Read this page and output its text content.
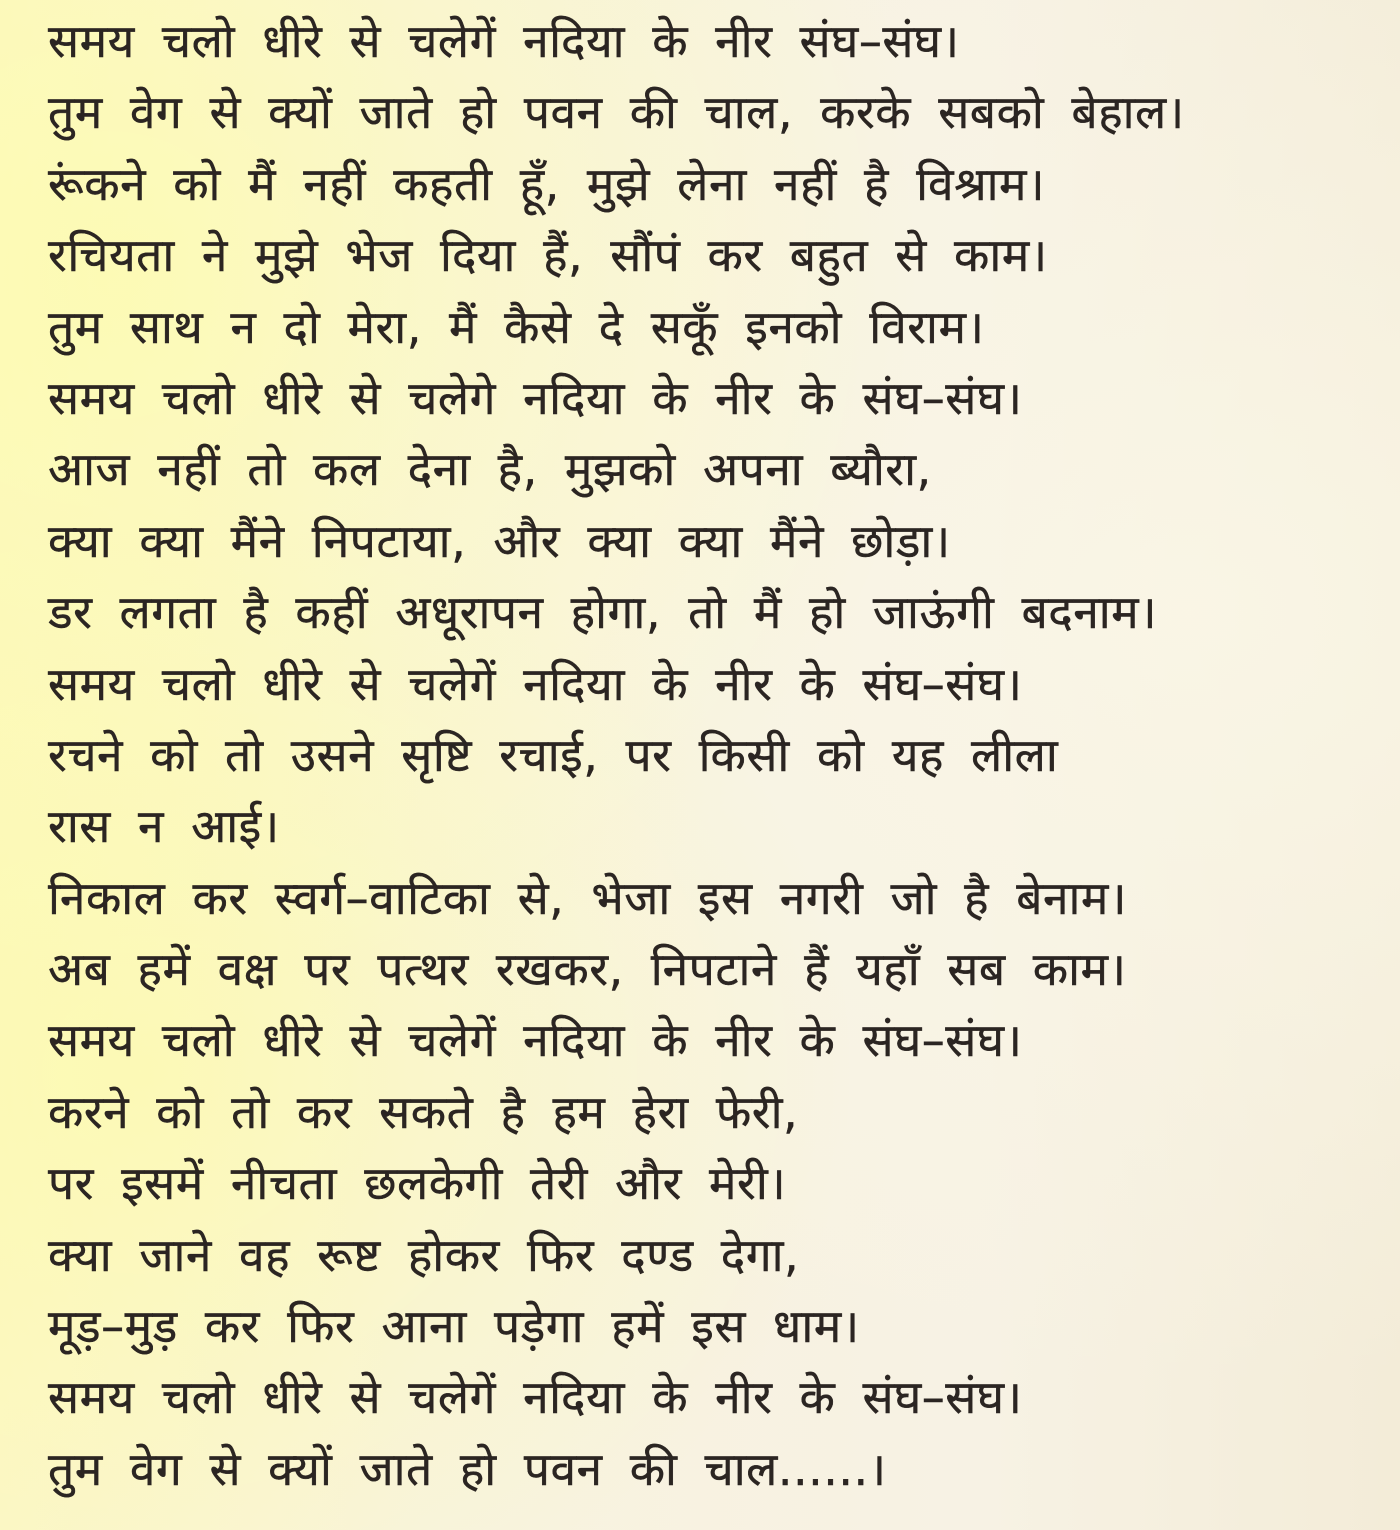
समय चलो धीरे से चलेगें नदिया के नीर संघ–संघ।
तुम वेग से क्यों जाते हो पवन की चाल, करके सबको बेहाल।
रूंकने को मैं नहीं कहती हूँ, मुझे लेना नहीं है विश्राम।
रचियता ने मुझे भेज दिया हैं, सौंपं कर बहुत से काम।
तुम साथ न दो मेरा, मैं कैसे दे सकूँ इनको विराम।
समय चलो धीरे से चलेगे नदिया के नीर के संघ–संघ।
आज नहीं तो कल देना है, मुझको अपना ब्यौरा,
क्या क्या मैंने निपटाया, और क्या क्या मैंने छोड़ा।
डर लगता है कहीं अधूरापन होगा, तो मैं हो जाऊंगी बदनाम।
समय चलो धीरे से चलेगें नदिया के नीर के संघ–संघ।
रचने को तो उसने सृष्टि रचाई, पर किसी को यह लीला
रास न आई।
निकाल कर स्वर्ग–वाटिका से, भेजा इस नगरी जो है बेनाम।
अब हमें वक्ष पर पत्थर रखकर, निपटाने हैं यहाँ सब काम।
समय चलो धीरे से चलेगें नदिया के नीर के संघ–संघ।
करने को तो कर सकते है हम हेरा फेरी,
पर इसमें नीचता छलकेगी तेरी और मेरी।
क्या जाने वह रूष्ट होकर फिर दण्ड देगा,
मूड़–मुड़ कर फिर आना पड़ेगा हमें इस धाम।
समय चलो धीरे से चलेगें नदिया के नीर के संघ–संघ।
तुम वेग से क्यों जाते हो पवन की चाल......।
